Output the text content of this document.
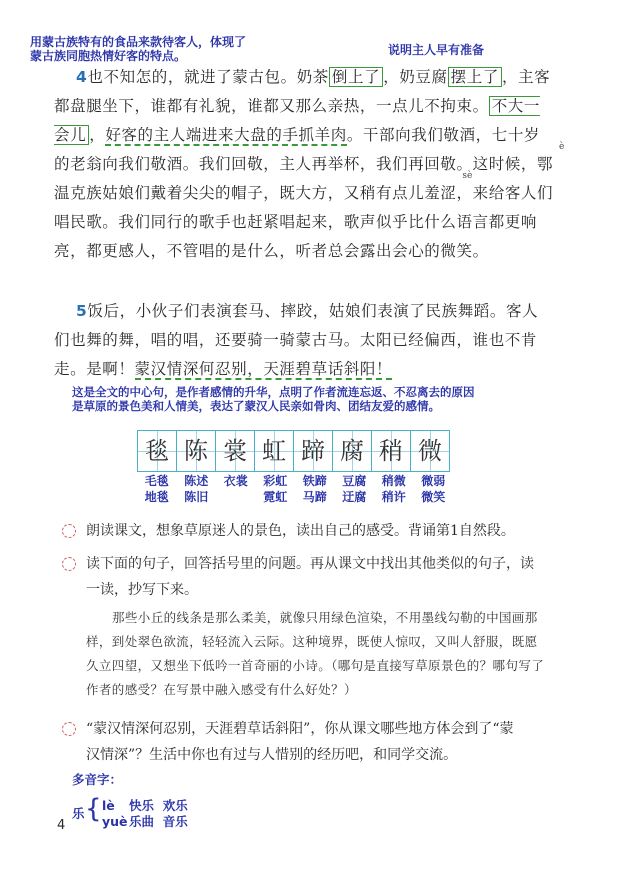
用蒙古族特有的食品来款待客人，体现了
蒙古族同胞热情好客的特点。	说明主人早有准备
4也不知怎的，就进了蒙古包。奶茶 倒上了 ，奶豆腐 摆上了 ，主客都盘腿坐下，谁都有礼貌，谁都又那么亲热，一点儿不拘束。 不大一会儿 ，好客的主人端进来大盘的手抓羊肉。干部向我们敬酒，七十岁的老翁向我们敬酒。我们回敬，主人再举杯，我们再回敬。这时候，
è
鄂温克族姑娘们戴着尖尖的帽子，既大方，又稍有点儿羞
sè
涩，来给客人们唱民歌。我们同行的歌手也赶紧唱起来，歌声似乎比什么语言都更响亮，都更感人，不管唱的是什么，听者总会露出会心的微笑。
5饭后，小伙子们表演套马、摔跤，姑娘们表演了民族舞蹈。客人们也舞的舞，唱的唱，还要骑一骑蒙古马。太阳已经偏西，谁也不肯走。是啊！蒙汉情深何忍别，天涯碧草话斜阳！
这是全文的中心句，是作者感情的升华，点明了作者流连忘返、不忍离去的原因
是草原的景色美和人情美，表达了蒙汉人民亲如骨肉、团结友爱的感情。
毯 陈 裳 虹 蹄 腐 稍 微
毛毯
地毯
陈述
陈旧
衣裳	彩虹
霓虹
铁蹄
马蹄
豆腐
迂腐
稍微
稍许
微弱
微笑
朗读课文，想象草原迷人的景色，读出自己的感受。背诵第1自然段。
读下面的句子，回答括号里的问题。再从课文中找出其他类似的句子，读
一读，抄写下来。
那些小丘的线条是那么柔美，就像只用绿色渲染，不用墨线勾勒的中国画那样，到处翠色欲流，轻轻流入云际。这种境界，既使人惊叹，又叫人舒服，既愿久立四望，又想坐下低吟一首奇丽的小诗。（哪句是直接写草原景色的？哪句写了作者的感受？在写景中融入感受有什么好处？）
“蒙汉情深何忍别，天涯碧草话斜阳”，你从课文哪些地方体会到了“蒙
汉情深”？生活中你也有过与人惜别的经历吧，和同学交流。
多音字：
乐 { lè 快乐 欢乐
yuè乐曲 音乐
4
